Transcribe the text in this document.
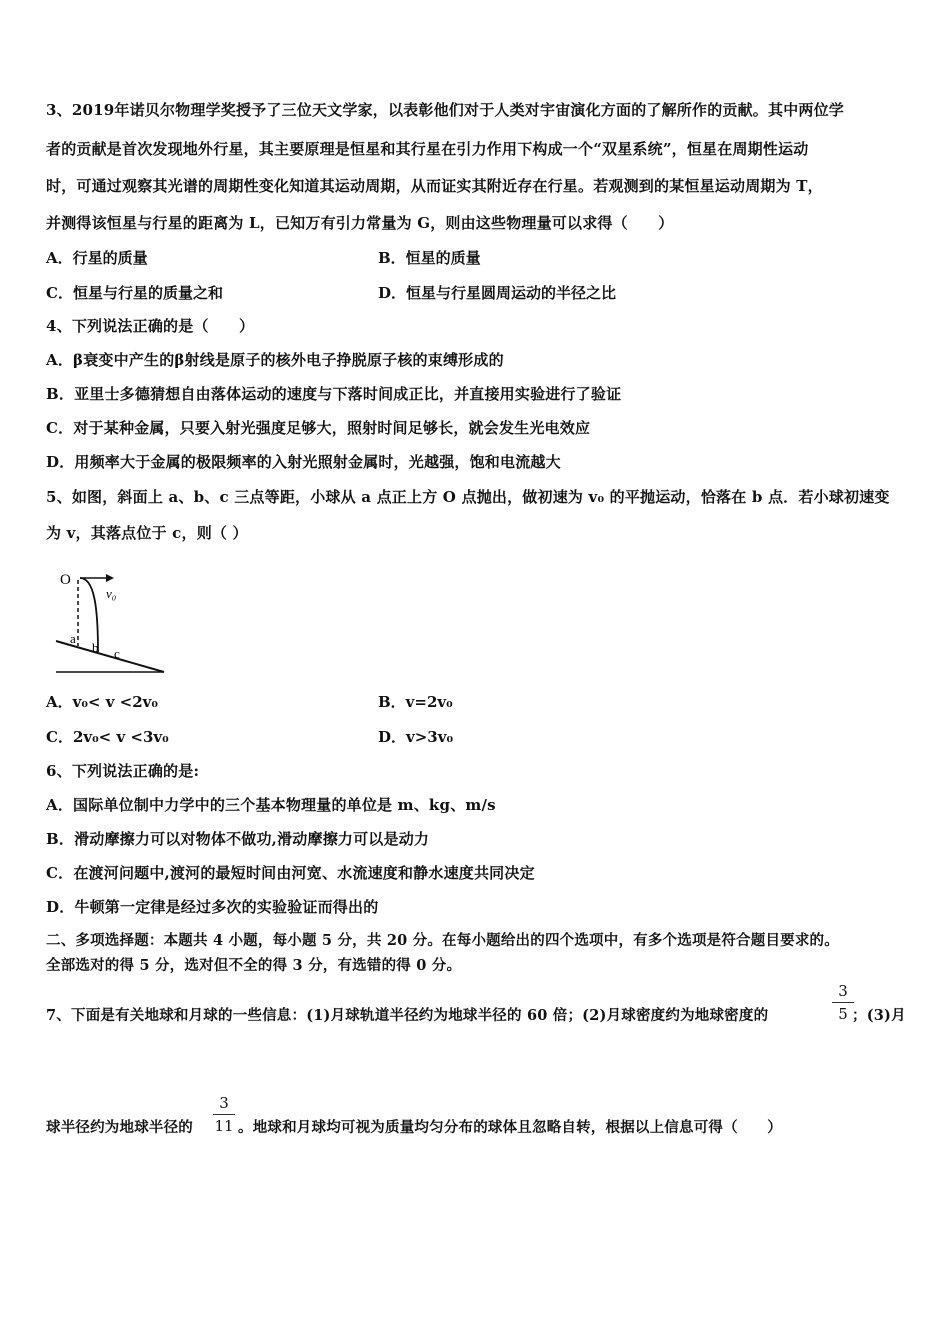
3、2019年诺贝尔物理学奖授予了三位天文学家，以表彰他们对于人类对宇宙演化方面的了解所作的贡献。其中两位学
者的贡献是首次发现地外行星，其主要原理是恒星和其行星在引力作用下构成一个“双星系统”，恒星在周期性运动
时，可通过观察其光谱的周期性变化知道其运动周期，从而证实其附近存在行星。若观测到的某恒星运动周期为 T，
并测得该恒星与行星的距离为 L，已知万有引力常量为 G，则由这些物理量可以求得（　　）
A．行星的质量	B．恒星的质量
C．恒星与行星的质量之和	D．恒星与行星圆周运动的半径之比
4、下列说法正确的是（　　）
A．β衰变中产生的β射线是原子的核外电子挣脱原子核的束缚形成的
B．亚里士多德猜想自由落体运动的速度与下落时间成正比，并直接用实验进行了验证
C．对于某种金属，只要入射光强度足够大，照射时间足够长，就会发生光电效应
D．用频率大于金属的极限频率的入射光照射金属时，光越强，饱和电流越大
5、如图，斜面上 a、b、c 三点等距，小球从 a 点正上方 O 点抛出，做初速为 v₀ 的平抛运动，恰落在 b 点．若小球初速变
为 v，其落点位于 c，则（ ）
O
v₀
a
b c
A．v₀< v <2v₀	B．v=2v₀
C．2v₀< v <3v₀	D．v>3v₀
6、下列说法正确的是:
A．国际单位制中力学中的三个基本物理量的单位是 m、kg、m/s
B．滑动摩擦力可以对物体不做功,滑动摩擦力可以是动力
C．在渡河问题中,渡河的最短时间由河宽、水流速度和静水速度共同决定
D．牛顿第一定律是经过多次的实验验证而得出的
二、多项选择题：本题共 4 小题，每小题 5 分，共 20 分。在每小题给出的四个选项中，有多个选项是符合题目要求的。
全部选对的得 5 分，选对但不全的得 3 分，有选错的得 0 分。
7、下面是有关地球和月球的一些信息：(1)月球轨道半径约为地球半径的 60 倍；(2)月球密度约为地球密度的
3
5 ；(3)月
球半径约为地球半径的
3
11 。地球和月球均可视为质量均匀分布的球体且忽略自转，根据以上信息可得（　　）
